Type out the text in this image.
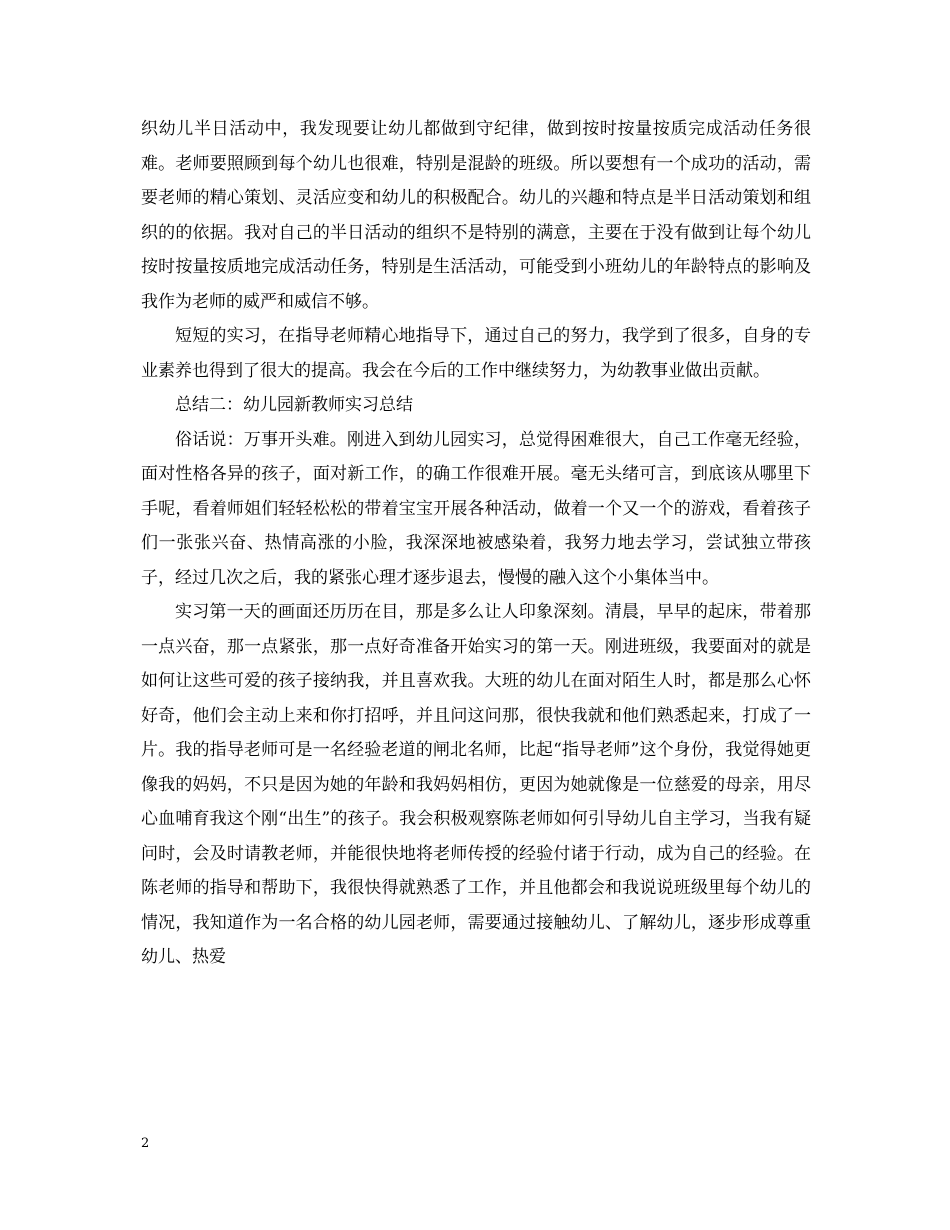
织幼儿半日活动中，我发现要让幼儿都做到守纪律，做到按时按量按质完成活动任务很难。老师要照顾到每个幼儿也很难，特别是混龄的班级。所以要想有一个成功的活动，需要老师的精心策划、灵活应变和幼儿的积极配合。幼儿的兴趣和特点是半日活动策划和组织的的依据。我对自己的半日活动的组织不是特别的满意，主要在于没有做到让每个幼儿按时按量按质地完成活动任务，特别是生活活动，可能受到小班幼儿的年龄特点的影响及我作为老师的威严和威信不够。

短短的实习，在指导老师精心地指导下，通过自己的努力，我学到了很多，自身的专业素养也得到了很大的提高。我会在今后的工作中继续努力，为幼教事业做出贡献。

总结二：幼儿园新教师实习总结

俗话说：万事开头难。刚进入到幼儿园实习，总觉得困难很大，自己工作毫无经验，面对性格各异的孩子，面对新工作，的确工作很难开展。毫无头绪可言，到底该从哪里下手呢，看着师姐们轻轻松松的带着宝宝开展各种活动，做着一个又一个的游戏，看着孩子们一张张兴奋、热情高涨的小脸，我深深地被感染着，我努力地去学习，尝试独立带孩子，经过几次之后，我的紧张心理才逐步退去，慢慢的融入这个小集体当中。

实习第一天的画面还历历在目，那是多么让人印象深刻。清晨，早早的起床，带着那一点兴奋，那一点紧张，那一点好奇准备开始实习的第一天。刚进班级，我要面对的就是如何让这些可爱的孩子接纳我，并且喜欢我。大班的幼儿在面对陌生人时，都是那么心怀好奇，他们会主动上来和你打招呼，并且问这问那，很快我就和他们熟悉起来，打成了一片。我的指导老师可是一名经验老道的闸北名师，比起“指导老师”这个身份，我觉得她更像我的妈妈，不只是因为她的年龄和我妈妈相仿，更因为她就像是一位慈爱的母亲，用尽心血哺育我这个刚“出生”的孩子。我会积极观察陈老师如何引导幼儿自主学习，当我有疑问时，会及时请教老师，并能很快地将老师传授的经验付诸于行动，成为自己的经验。在陈老师的指导和帮助下，我很快得就熟悉了工作，并且他都会和我说说班级里每个幼儿的情况，我知道作为一名合格的幼儿园老师，需要通过接触幼儿、了解幼儿，逐步形成尊重幼儿、热爱

2
